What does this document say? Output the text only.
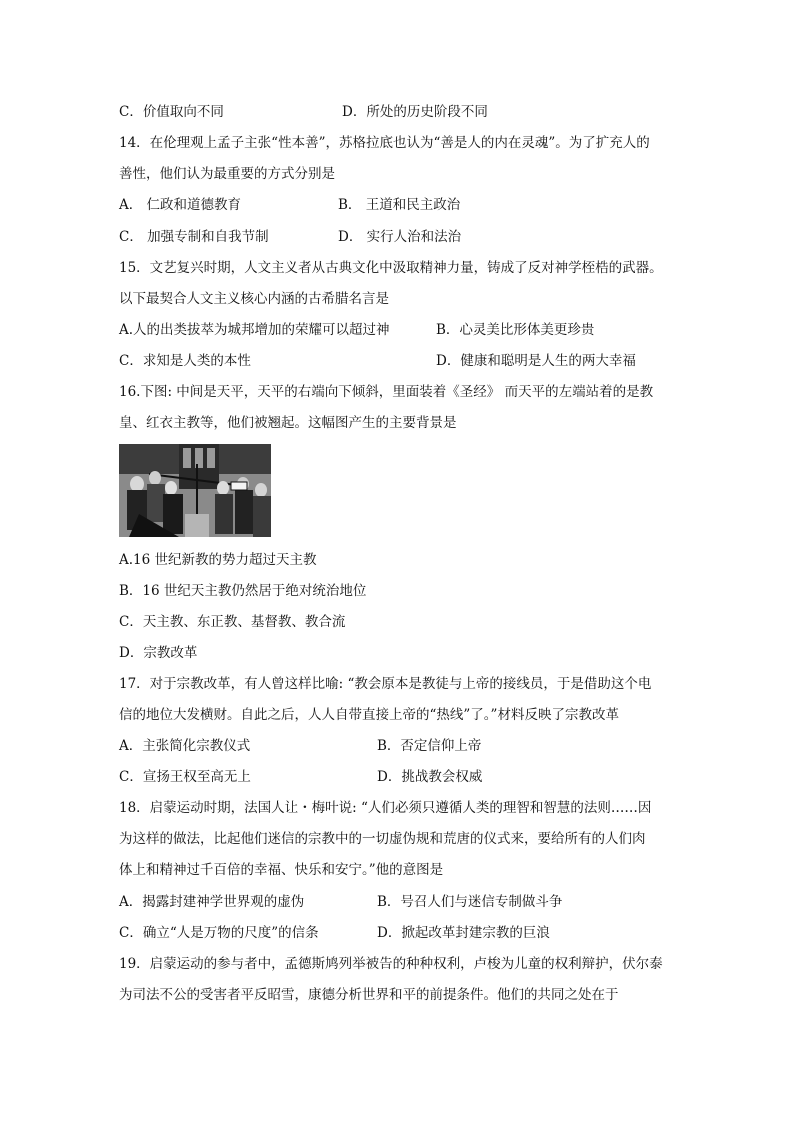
C．价值取向不同	D．所处的历史阶段不同
14．在伦理观上孟子主张“性本善”，苏格拉底也认为“善是人的内在灵魂”。为了扩充人的
善性，他们认为最重要的方式分别是
A． 仁政和道德教育	B． 王道和民主政治
C． 加强专制和自我节制	D． 实行人治和法治
15．文艺复兴时期，人文主义者从古典文化中汲取精神力量，铸成了反对神学桎梏的武器。
以下最契合人文主义核心内涵的古希腊名言是
A.人的出类拔萃为城邦增加的荣耀可以超过神	B．心灵美比形体美更珍贵
C．求知是人类的本性	D．健康和聪明是人生的两大幸福
16.下图: 中间是天平，天平的右端向下倾斜，里面装着《圣经》 而天平的左端站着的是教
皇、红衣主教等，他们被翘起。这幅图产生的主要背景是
A.16 世纪新教的势力超过天主教
B．16 世纪天主教仍然居于绝对统治地位
C．天主教、东正教、基督教、教合流
D．宗教改革
17．对于宗教改革，有人曾这样比喻: “教会原本是教徒与上帝的接线员，于是借助这个电
信的地位大发横财。自此之后，人人自带直接上帝的“热线”了。”材料反映了宗教改革
A．主张简化宗教仪式	B．否定信仰上帝
C．宣扬王权至高无上	D．挑战教会权威
18．启蒙运动时期，法国人让・梅叶说: “人们必须只遵循人类的理智和智慧的法则……因
为这样的做法，比起他们迷信的宗教中的一切虚伪规和荒唐的仪式来，要给所有的人们肉
体上和精神过千百倍的幸福、快乐和安宁。”他的意图是
A．揭露封建神学世界观的虚伪	B．号召人们与迷信专制做斗争
C．确立“人是万物的尺度”的信条	D．掀起改革封建宗教的巨浪
19．启蒙运动的参与者中，孟德斯鸠列举被告的种种权利，卢梭为儿童的权利辩护，伏尔泰
为司法不公的受害者平反昭雪，康德分析世界和平的前提条件。他们的共同之处在于
